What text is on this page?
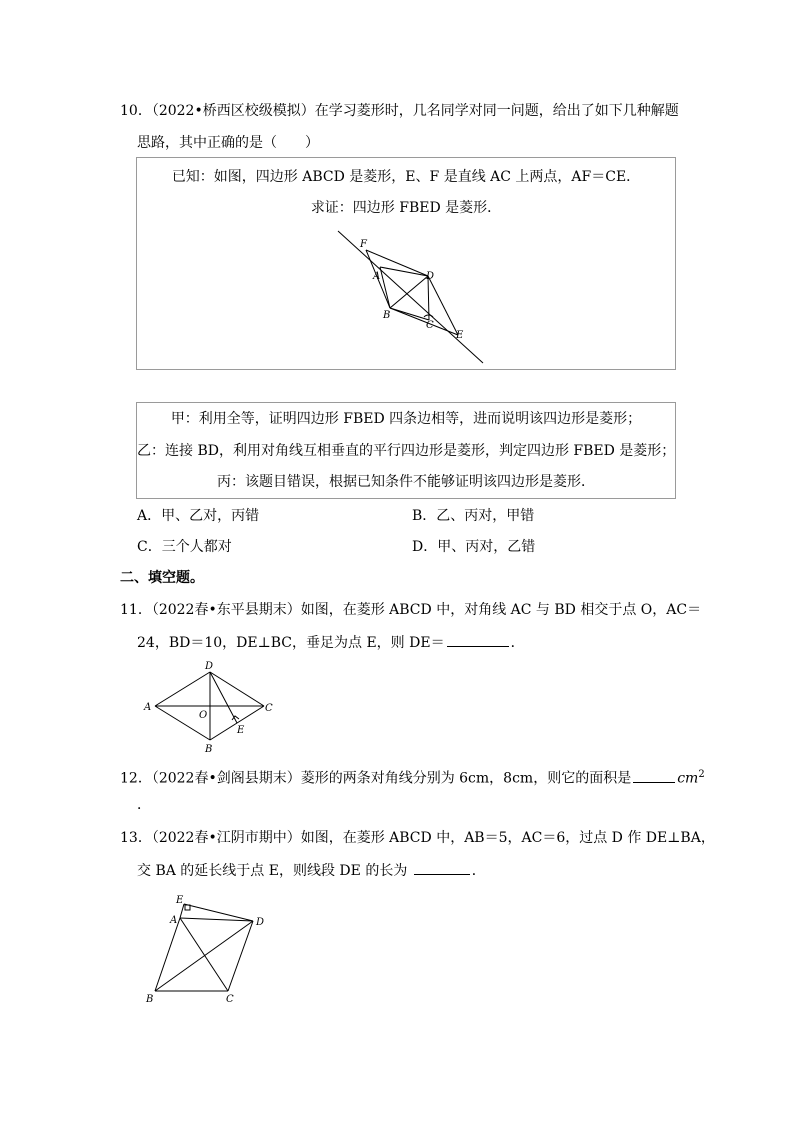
10．（2022•桥西区校级模拟）在学习菱形时，几名同学对同一问题，给出了如下几种解题
思路，其中正确的是（　　）
已知：如图，四边形 ABCD 是菱形，E、F 是直线 AC 上两点，AF＝CE．
求证：四边形 FBED 是菱形．
F
A	D
B
C
E
甲：利用全等，证明四边形 FBED 四条边相等，进而说明该四边形是菱形；
乙：连接 BD，利用对角线互相垂直的平行四边形是菱形，判定四边形 FBED 是菱形；
丙：该题目错误，根据已知条件不能够证明该四边形是菱形．
A．甲、乙对，丙错	B．乙、丙对，甲错
C．三个人都对	D．甲、丙对，乙错
二、填空题。
11．（2022春•东平县期末）如图，在菱形 ABCD 中，对角线 AC 与 BD 相交于点 O，AC＝
24，BD＝10，DE⊥BC，垂足为点 E，则 DE＝	．
A
B
C
D
O
E
12．（2022春•剑阁县期末）菱形的两条对角线分别为 6cm，8cm，则它的面积是	$cm^2$
．
13．（2022春•江阴市期中）如图，在菱形 ABCD 中，AB＝5，AC＝6，过点 D 作 DE⊥BA，
交 BA 的延长线于点 E，则线段 DE 的长为	．
E
A	D
B	C
